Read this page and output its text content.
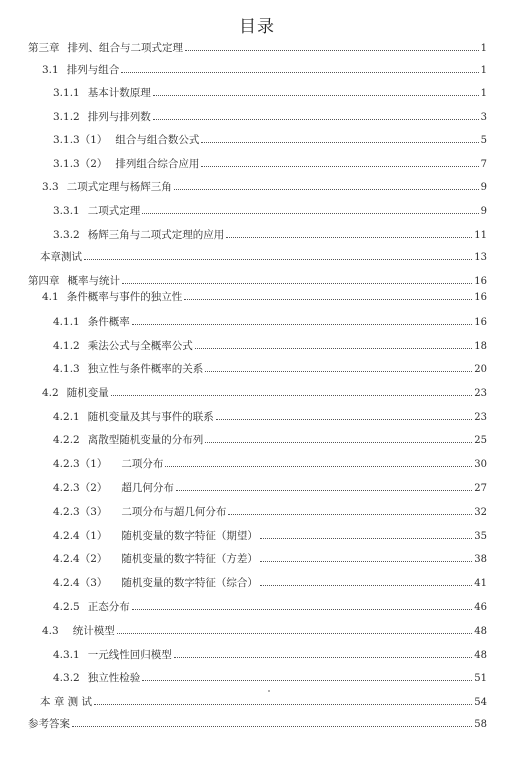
目录
第三章 排列、组合与二项式定理	1
3.1 排列与组合	1
3.1.1 基本计数原理	1
3.1.2 排列与排列数	3
3.1.3（1） 组合与组合数公式	5
3.1.3（2） 排列组合综合应用	7
3.3 二项式定理与杨辉三角	9
3.3.1 二项式定理	9
3.3.2 杨辉三角与二项式定理的应用	11
本章测试	13
第四章 概率与统计	16
4.1 条件概率与事件的独立性	16
4.1.1 条件概率	16
4.1.2 乘法公式与全概率公式	18
4.1.3 独立性与条件概率的关系	20
4.2 随机变量	23
4.2.1 随机变量及其与事件的联系	23
4.2.2 离散型随机变量的分布列	25
4.2.3（1） 二项分布	30
4.2.3（2） 超几何分布	27
4.2.3（3） 二项分布与超几何分布	32
4.2.4（1） 随机变量的数字特征（期望）	35
4.2.4（2） 随机变量的数字特征（方差）	38
4.2.4（3） 随机变量的数字特征（综合）	41
4.2.5 正态分布	46
4.3 统计模型	48
4.3.1 一元线性回归模型	48
4.3.2 独立性检验	51
本 章 测 试	54
参考答案	58
